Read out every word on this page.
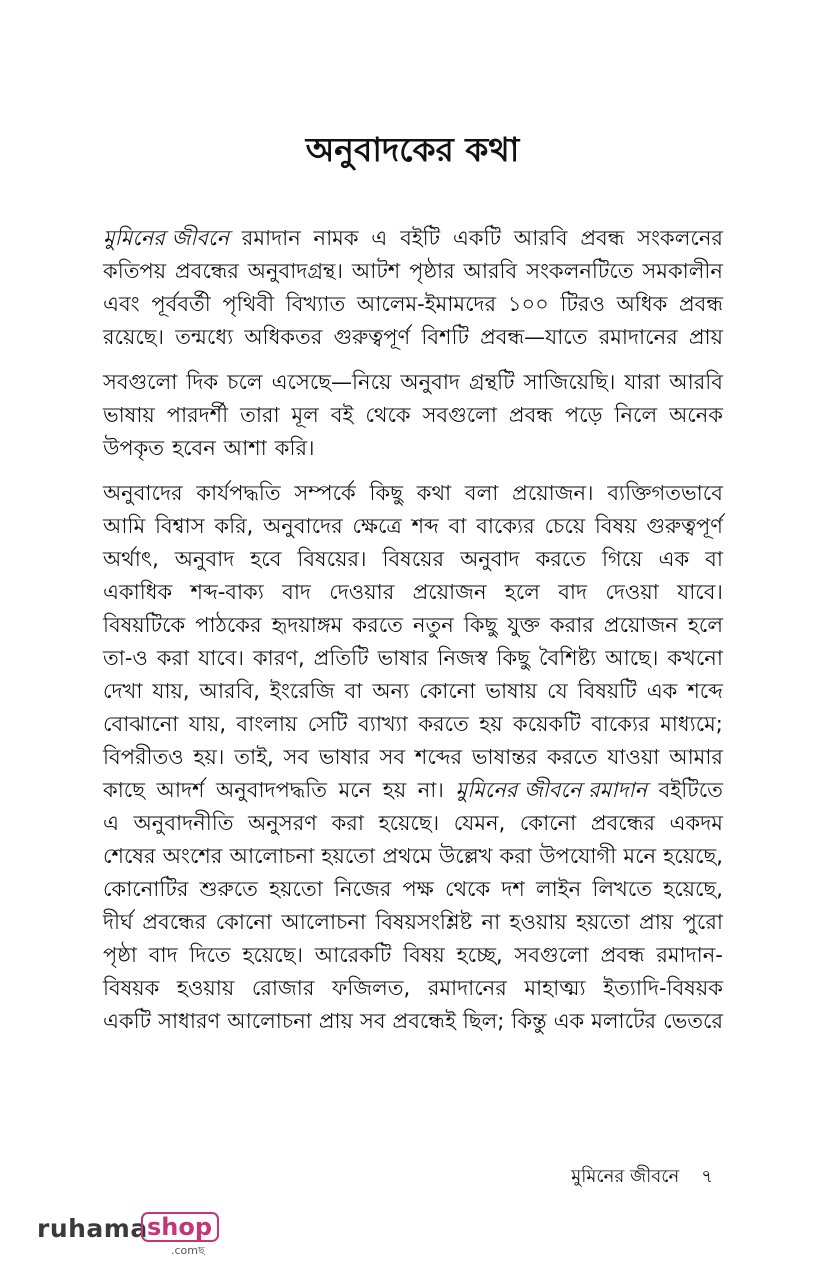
অনুবাদকের কথা
মুমিনের জীবনে রমাদান নামক এ বইটি একটি আরবি প্রবন্ধ সংকলনের
কতিপয় প্রবন্ধের অনুবাদগ্রন্থ। আটশ পৃষ্ঠার আরবি সংকলনটিতে সমকালীন
এবং পূর্ববর্তী পৃথিবী বিখ্যাত আলেম-ইমামদের ১০০ টিরও অধিক প্রবন্ধ
রয়েছে। তন্মধ্যে অধিকতর গুরুত্বপূর্ণ বিশটি প্রবন্ধ—যাতে রমাদানের প্রায়
সবগুলো দিক চলে এসেছে—নিয়ে অনুবাদ গ্রন্থটি সাজিয়েছি। যারা আরবি
ভাষায় পারদর্শী তারা মূল বই থেকে সবগুলো প্রবন্ধ পড়ে নিলে অনেক
উপকৃত হবেন আশা করি।
অনুবাদের কার্যপদ্ধতি সম্পর্কে কিছু কথা বলা প্রয়োজন। ব্যক্তিগতভাবে
আমি বিশ্বাস করি, অনুবাদের ক্ষেত্রে শব্দ বা বাক্যের চেয়ে বিষয় গুরুত্বপূর্ণ
অর্থাৎ, অনুবাদ হবে বিষয়ের। বিষয়ের অনুবাদ করতে গিয়ে এক বা
একাধিক শব্দ-বাক্য বাদ দেওয়ার প্রয়োজন হলে বাদ দেওয়া যাবে।
বিষয়টিকে পাঠকের হৃদয়াঙ্গম করতে নতুন কিছু যুক্ত করার প্রয়োজন হলে
তা-ও করা যাবে। কারণ, প্রতিটি ভাষার নিজস্ব কিছু বৈশিষ্ট্য আছে। কখনো
দেখা যায়, আরবি, ইংরেজি বা অন্য কোনো ভাষায় যে বিষয়টি এক শব্দে
বোঝানো যায়, বাংলায় সেটি ব্যাখ্যা করতে হয় কয়েকটি বাক্যের মাধ্যমে;
বিপরীতও হয়। তাই, সব ভাষার সব শব্দের ভাষান্তর করতে যাওয়া আমার
কাছে আদর্শ অনুবাদপদ্ধতি মনে হয় না। মুমিনের জীবনে রমাদান বইটিতে
এ অনুবাদনীতি অনুসরণ করা হয়েছে। যেমন, কোনো প্রবন্ধের একদম
শেষের অংশের আলোচনা হয়তো প্রথমে উল্লেখ করা উপযোগী মনে হয়েছে,
কোনোটির শুরুতে হয়তো নিজের পক্ষ থেকে দশ লাইন লিখতে হয়েছে,
দীর্ঘ প্রবন্ধের কোনো আলোচনা বিষয়সংশ্লিষ্ট না হওয়ায় হয়তো প্রায় পুরো
পৃষ্ঠা বাদ দিতে হয়েছে। আরেকটি বিষয় হচ্ছে, সবগুলো প্রবন্ধ রমাদান-
বিষয়ক হওয়ায় রোজার ফজিলত, রমাদানের মাহাত্ম্য ইত্যাদি-বিষয়ক
একটি সাধারণ আলোচনা প্রায় সব প্রবন্ধেই ছিল; কিন্তু এক মলাটের ভেতরে
মুমিনের জীবনে ৭
ruhama shop
.comছ
